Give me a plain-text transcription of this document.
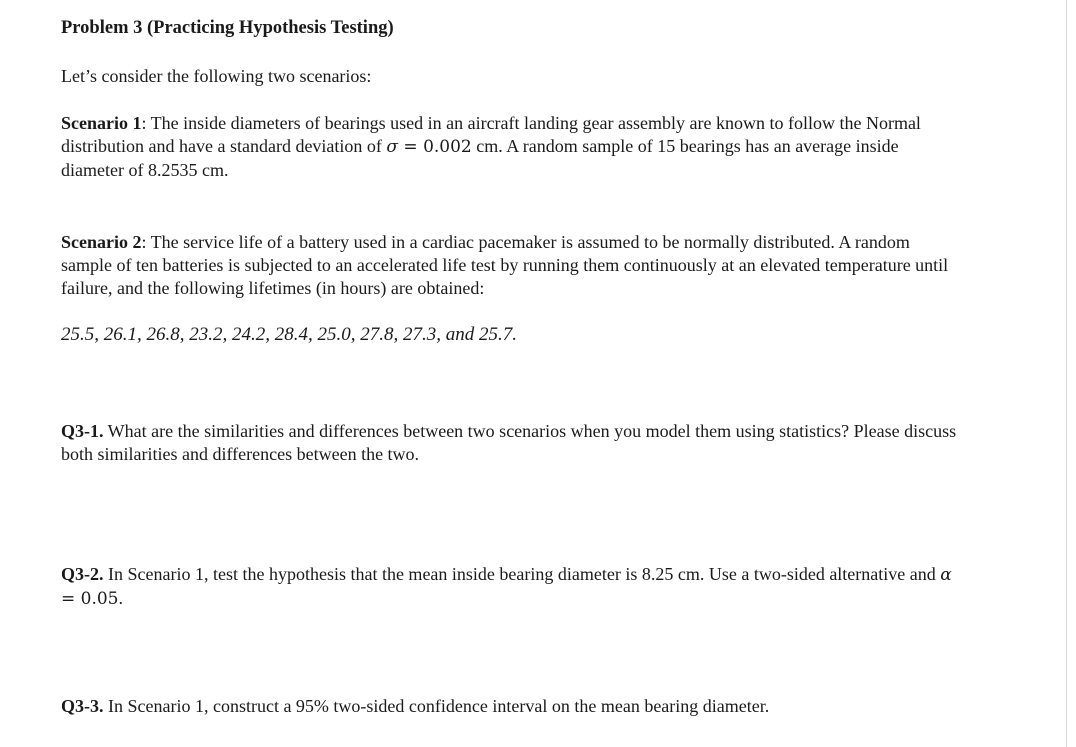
Problem 3 (Practicing Hypothesis Testing)

Let’s consider the following two scenarios:

Scenario 1: The inside diameters of bearings used in an aircraft landing gear assembly are known to follow the Normal distribution and have a standard deviation of σ = 0.002 cm. A random sample of 15 bearings has an average inside diameter of 8.2535 cm.

Scenario 2: The service life of a battery used in a cardiac pacemaker is assumed to be normally distributed. A random sample of ten batteries is subjected to an accelerated life test by running them continuously at an elevated temperature until failure, and the following lifetimes (in hours) are obtained:

25.5, 26.1, 26.8, 23.2, 24.2, 28.4, 25.0, 27.8, 27.3, and 25.7.

Q3-1. What are the similarities and differences between two scenarios when you model them using statistics? Please discuss both similarities and differences between the two.

Q3-2. In Scenario 1, test the hypothesis that the mean inside bearing diameter is 8.25 cm. Use a two-sided alternative and α = 0.05.

Q3-3. In Scenario 1, construct a 95% two-sided confidence interval on the mean bearing diameter.
